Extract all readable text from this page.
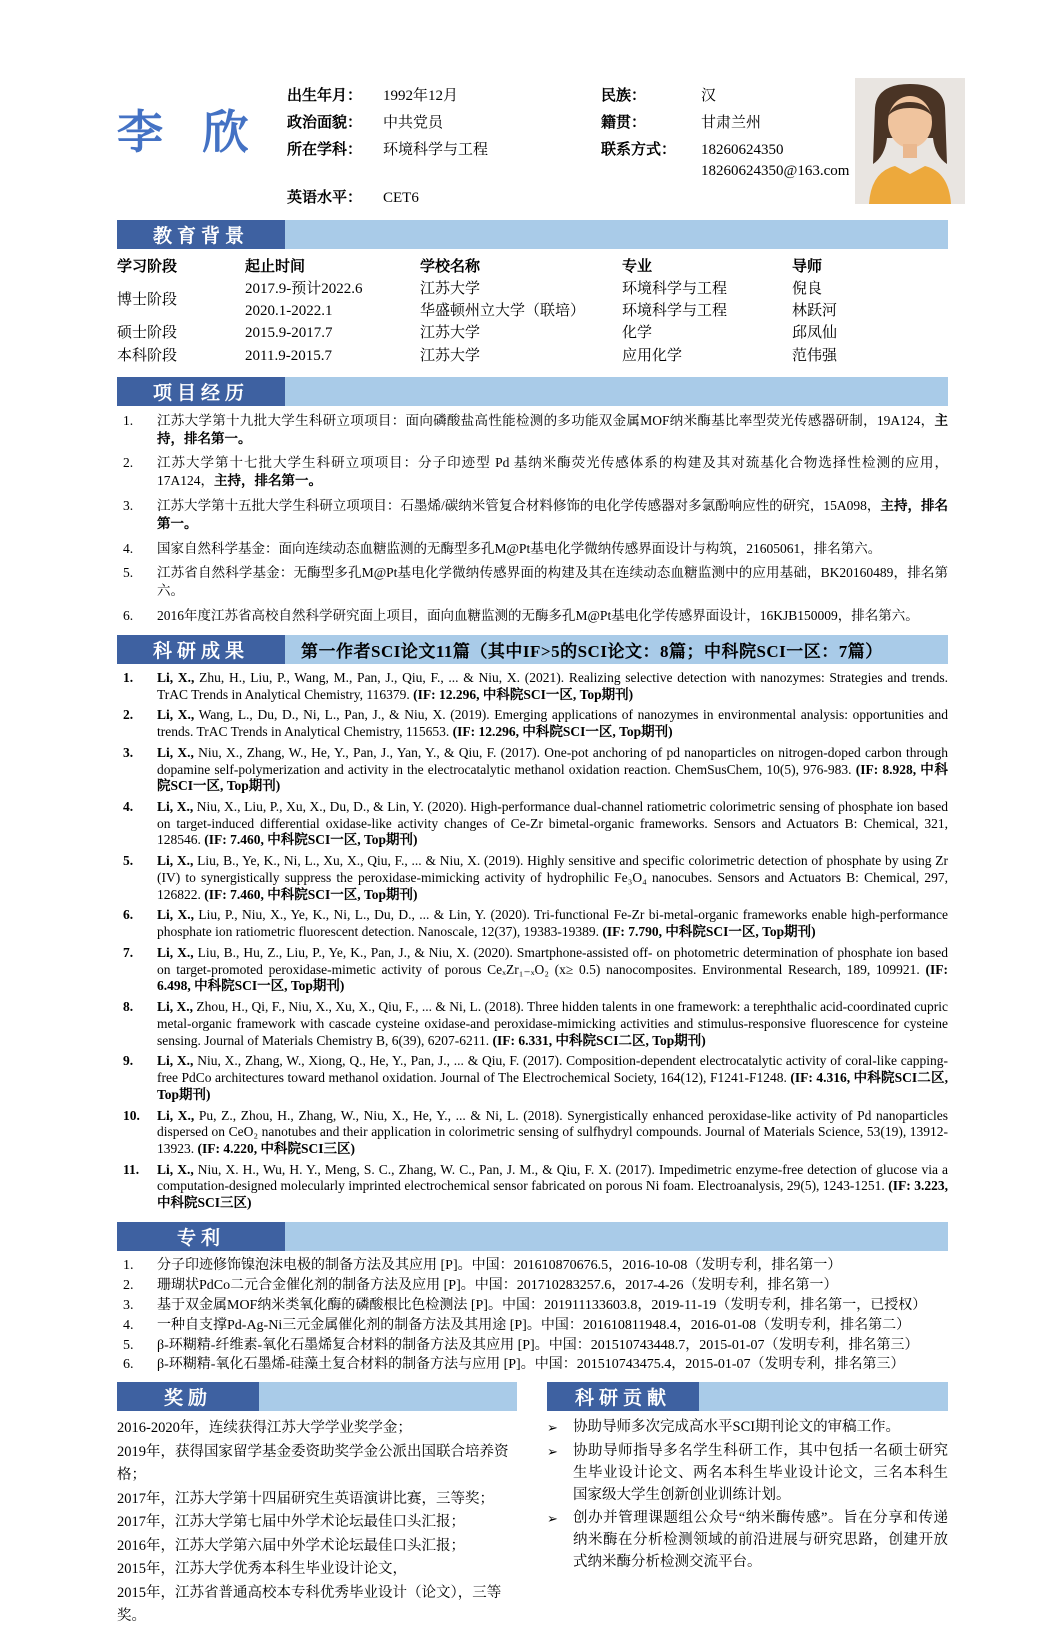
李 欣
出生年月：	1992年12月	民族：	汉
政治面貌：	中共党员	籍贯：	甘肃兰州
所在学科：	环境科学与工程	联系方式：	18260624350 18260624350@163.com
英语水平：	CET6
教育背景
学习阶段	起止时间	学校名称	专业	导师
博士阶段	2017.9-预计2022.6	江苏大学	环境科学与工程	倪良
	2020.1-2022.1	华盛顿州立大学（联培）	环境科学与工程	林跃河
硕士阶段	2015.9-2017.7	江苏大学	化学	邱凤仙
本科阶段	2011.9-2015.7	江苏大学	应用化学	范伟强
项目经历
1.	江苏大学第十九批大学生科研立项项目：面向磷酸盐高性能检测的多功能双金属MOF纳米酶基比率型荧光传感器研制，19A124，主持，排名第一。
2.	江苏大学第十七批大学生科研立项项目：分子印迹型 Pd 基纳米酶荧光传感体系的构建及其对巯基化合物选择性检测的应用，17A124，主持，排名第一。
3.	江苏大学第十五批大学生科研立项项目：石墨烯/碳纳米管复合材料修饰的电化学传感器对多氯酚响应性的研究，15A098，主持，排名第一。
4.	国家自然科学基金：面向连续动态血糖监测的无酶型多孔M@Pt基电化学微纳传感界面设计与构筑，21605061，排名第六。
5.	江苏省自然科学基金：无酶型多孔M@Pt基电化学微纳传感界面的构建及其在连续动态血糖监测中的应用基础，BK20160489，排名第六。
6.	2016年度江苏省高校自然科学研究面上项目，面向血糖监测的无酶多孔M@Pt基电化学传感界面设计，16KJB150009，排名第六。
科研成果	第一作者SCI论文11篇（其中IF>5的SCI论文：8篇；中科院SCI一区：7篇）
1.	Li, X., Zhu, H., Liu, P., Wang, M., Pan, J., Qiu, F., ... & Niu, X. (2021). Realizing selective detection with nanozymes: Strategies and trends. TrAC Trends in Analytical Chemistry, 116379. (IF: 12.296, 中科院SCI一区, Top期刊)
2.	Li, X., Wang, L., Du, D., Ni, L., Pan, J., & Niu, X. (2019). Emerging applications of nanozymes in environmental analysis: opportunities and trends. TrAC Trends in Analytical Chemistry, 115653. (IF: 12.296, 中科院SCI一区, Top期刊)
3.	Li, X., Niu, X., Zhang, W., He, Y., Pan, J., Yan, Y., & Qiu, F. (2017). One-pot anchoring of pd nanoparticles on nitrogen-doped carbon through dopamine self-polymerization and activity in the electrocatalytic methanol oxidation reaction. ChemSusChem, 10(5), 976-983. (IF: 8.928, 中科院SCI一区, Top期刊)
4.	Li, X., Niu, X., Liu, P., Xu, X., Du, D., & Lin, Y. (2020). High-performance dual-channel ratiometric colorimetric sensing of phosphate ion based on target-induced differential oxidase-like activity changes of Ce-Zr bimetal-organic frameworks. Sensors and Actuators B: Chemical, 321, 128546. (IF: 7.460, 中科院SCI一区, Top期刊)
5.	Li, X., Liu, B., Ye, K., Ni, L., Xu, X., Qiu, F., ... & Niu, X. (2019). Highly sensitive and specific colorimetric detection of phosphate by using Zr (IV) to synergistically suppress the peroxidase-mimicking activity of hydrophilic Fe₃O₄ nanocubes. Sensors and Actuators B: Chemical, 297, 126822. (IF: 7.460, 中科院SCI一区, Top期刊)
6.	Li, X., Liu, P., Niu, X., Ye, K., Ni, L., Du, D., ... & Lin, Y. (2020). Tri-functional Fe-Zr bi-metal-organic frameworks enable high-performance phosphate ion ratiometric fluorescent detection. Nanoscale, 12(37), 19383-19389. (IF: 7.790, 中科院SCI一区, Top期刊)
7.	Li, X., Liu, B., Hu, Z., Liu, P., Ye, K., Pan, J., & Niu, X. (2020). Smartphone-assisted off- on photometric determination of phosphate ion based on target-promoted peroxidase-mimetic activity of porous CeₓZr₁₋ₓO₂ (x≥ 0.5) nanocomposites. Environmental Research, 189, 109921. (IF: 6.498, 中科院SCI一区, Top期刊)
8.	Li, X., Zhou, H., Qi, F., Niu, X., Xu, X., Qiu, F., ... & Ni, L. (2018). Three hidden talents in one framework: a terephthalic acid-coordinated cupric metal-organic framework with cascade cysteine oxidase-and peroxidase-mimicking activities and stimulus-responsive fluorescence for cysteine sensing. Journal of Materials Chemistry B, 6(39), 6207-6211. (IF: 6.331, 中科院SCI二区, Top期刊)
9.	Li, X., Niu, X., Zhang, W., Xiong, Q., He, Y., Pan, J., ... & Qiu, F. (2017). Composition-dependent electrocatalytic activity of coral-like capping-free PdCo architectures toward methanol oxidation. Journal of The Electrochemical Society, 164(12), F1241-F1248. (IF: 4.316, 中科院SCI二区, Top期刊)
10.	Li, X., Pu, Z., Zhou, H., Zhang, W., Niu, X., He, Y., ... & Ni, L. (2018). Synergistically enhanced peroxidase-like activity of Pd nanoparticles dispersed on CeO₂ nanotubes and their application in colorimetric sensing of sulfhydryl compounds. Journal of Materials Science, 53(19), 13912-13923. (IF: 4.220, 中科院SCI三区)
11.	Li, X., Niu, X. H., Wu, H. Y., Meng, S. C., Zhang, W. C., Pan, J. M., & Qiu, F. X. (2017). Impedimetric enzyme-free detection of glucose via a computation-designed molecularly imprinted electrochemical sensor fabricated on porous Ni foam. Electroanalysis, 29(5), 1243-1251. (IF: 3.223, 中科院SCI三区)
专利
1.	分子印迹修饰镍泡沫电极的制备方法及其应用 [P]。中国：201610870676.5，2016-10-08（发明专利，排名第一）
2.	珊瑚状PdCo二元合金催化剂的制备方法及应用 [P]。中国：201710283257.6，2017-4-26（发明专利，排名第一）
3.	基于双金属MOF纳米类氧化酶的磷酸根比色检测法 [P]。中国：201911133603.8，2019-11-19（发明专利，排名第一，已授权）
4.	一种自支撑Pd-Ag-Ni三元金属催化剂的制备方法及其用途 [P]。中国：201610811948.4，2016-01-08（发明专利，排名第二）
5.	β-环糊精-纤维素-氧化石墨烯复合材料的制备方法及其应用 [P]。中国：201510743448.7，2015-01-07（发明专利，排名第三）
6.	β-环糊精-氧化石墨烯-硅藻土复合材料的制备方法与应用 [P]。中国：201510743475.4，2015-01-07（发明专利，排名第三）
奖励
2016-2020年，连续获得江苏大学学业奖学金；
2019年，获得国家留学基金委资助奖学金公派出国联合培养资格；
2017年，江苏大学第十四届研究生英语演讲比赛，三等奖；
2017年，江苏大学第七届中外学术论坛最佳口头汇报；
2016年，江苏大学第六届中外学术论坛最佳口头汇报；
2015年，江苏大学优秀本科生毕业设计论文，
2015年，江苏省普通高校本专科优秀毕业设计（论文），三等奖。
科研贡献
➢	协助导师多次完成高水平SCI期刊论文的审稿工作。
➢	协助导师指导多名学生科研工作，其中包括一名硕士研究生毕业设计论文、两名本科生毕业设计论文，三名本科生国家级大学生创新创业训练计划。
➢	创办并管理课题组公众号“纳米酶传感”。旨在分享和传递纳米酶在分析检测领域的前沿进展与研究思路，创建开放式纳米酶分析检测交流平台。
